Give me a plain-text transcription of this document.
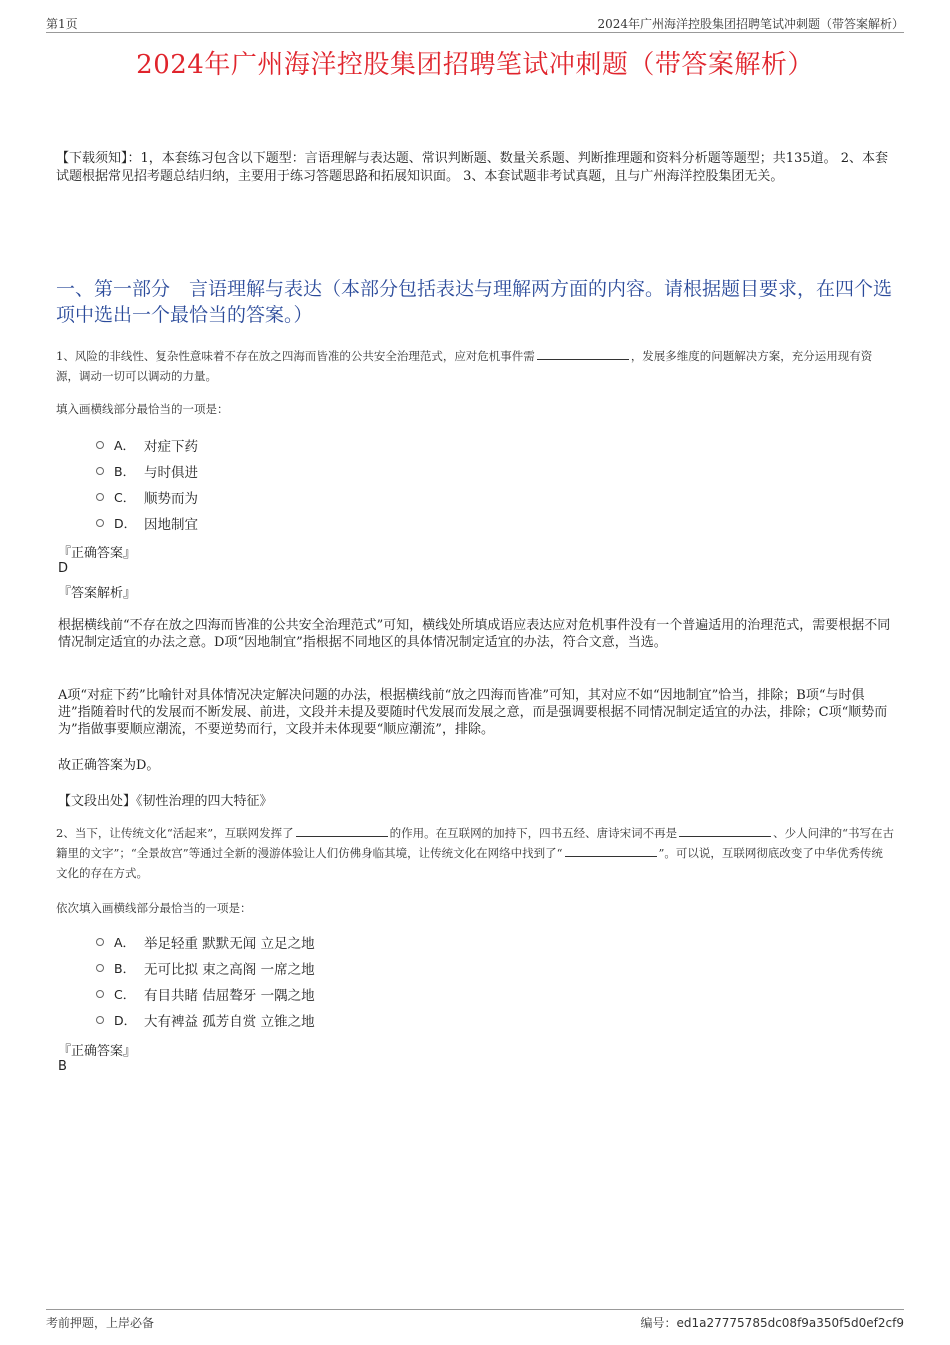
第1页	2024年广州海洋控股集团招聘笔试冲刺题（带答案解析）
2024年广州海洋控股集团招聘笔试冲刺题（带答案解析）
【下载须知】：1，本套练习包含以下题型：言语理解与表达题、常识判断题、数量关系题、判断推理题和资料分析题等题型；共135道。 2、本套试题根据常见招考题总结归纳，主要用于练习答题思路和拓展知识面。 3、本套试题非考试真题，且与广州海洋控股集团无关。
一、第一部分　言语理解与表达（本部分包括表达与理解两方面的内容。请根据题目要求，在四个选项中选出一个最恰当的答案。）
1、风险的非线性、复杂性意味着不存在放之四海而皆准的公共安全治理范式，应对危机事件需	，发展多维度的问题解决方案，充分运用现有资源，调动一切可以调动的力量。
填入画横线部分最恰当的一项是：
A． 对症下药
B． 与时俱进
C． 顺势而为
D． 因地制宜
『正确答案』
D
『答案解析』
根据横线前“不存在放之四海而皆准的公共安全治理范式”可知，横线处所填成语应表达应对危机事件没有一个普遍适用的治理范式，需要根据不同情况制定适宜的办法之意。D项“因地制宜”指根据不同地区的具体情况制定适宜的办法，符合文意，当选。
A项“对症下药”比喻针对具体情况决定解决问题的办法，根据横线前“放之四海而皆准”可知，其对应不如“因地制宜”恰当，排除；B项“与时俱进”指随着时代的发展而不断发展、前进，文段并未提及要随时代发展而发展之意，而是强调要根据不同情况制定适宜的办法，排除；C项“顺势而为”指做事要顺应潮流，不要逆势而行，文段并未体现要“顺应潮流”，排除。
故正确答案为D。
【文段出处】《韧性治理的四大特征》
2、当下，让传统文化“活起来”，互联网发挥了	的作用。在互联网的加持下，四书五经、唐诗宋词不再是	、少人问津的“书写在古籍里的文字”；“全景故宫”等通过全新的漫游体验让人们仿佛身临其境，让传统文化在网络中找到了“	”。可以说，互联网彻底改变了中华优秀传统文化的存在方式。
依次填入画横线部分最恰当的一项是：
A． 举足轻重 默默无闻 立足之地
B． 无可比拟 束之高阁 一席之地
C． 有目共睹 佶屈聱牙 一隅之地
D． 大有裨益 孤芳自赏 立锥之地
『正确答案』
B
考前押题，上岸必备	编号：ed1a27775785dc08f9a350f5d0ef2cf9
